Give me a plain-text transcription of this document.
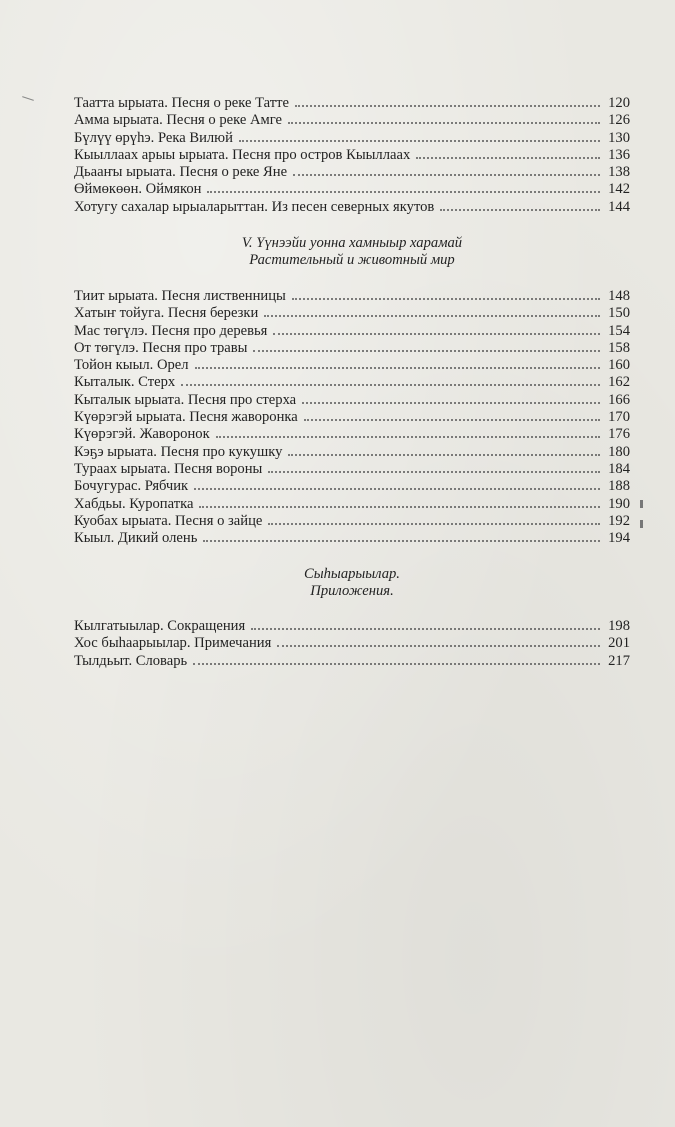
Таатта ырыата. Песня о реке Татте	120
Амма ырыата. Песня о реке Амге	126
Бүлүү өрүһэ. Река Вилюй	130
Кыыллаах арыы ырыата. Песня про остров Кыыллаах	136
Дьааҥы ырыата. Песня о реке Яне	138
Өймөкөөн. Оймякон	142
Хотугу сахалар ырыаларыттан. Из песен северных якутов	144
V. Үүнээйи уонна хамныыр харамай
Растительный и животный мир
Тиит ырыата. Песня лиственницы	148
Хатыҥ тойуга. Песня березки	150
Мас төгүлэ. Песня про деревья	154
От төгүлэ. Песня про травы	158
Тойон кыыл. Орел	160
Кыталык. Стерх	162
Кыталык ырыата. Песня про стерха	166
Күөрэгэй ырыата. Песня жаворонка	170
Күөрэгэй. Жаворонок	176
Кэҕэ ырыата. Песня про кукушку	180
Тураах ырыата. Песня вороны	184
Бочугурас. Рябчик	188
Хабдьы. Куропатка	190
Куобах ырыата. Песня о зайце	192
Кыыл. Дикий олень	194
Сыһыарыылар.
Приложения.
Кылгатыылар. Сокращения	198
Хос быһаарыылар. Примечания	201
Тылдьыт. Словарь	217
